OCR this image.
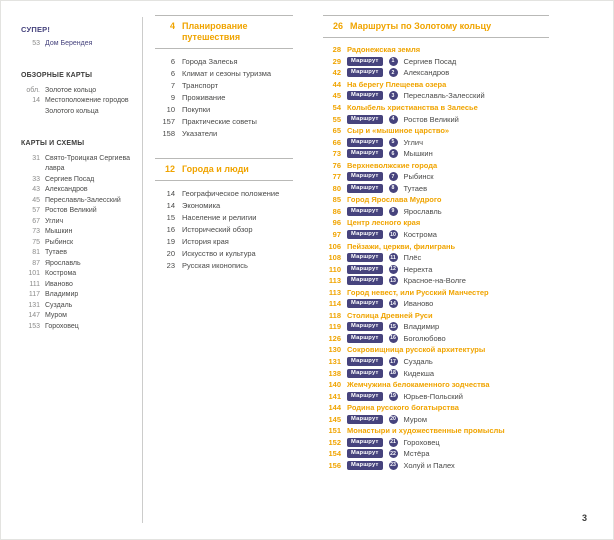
СУПЕР!
53 Дом Берендея
ОБЗОРНЫЕ КАРТЫ
обл. Золотое кольцо
14 Местоположение городов Золотого кольца
КАРТЫ И СХЕМЫ
31 Свято-Троицкая Сергиева лавра
33 Сергиев Посад
43 Александров
45 Переславль-Залесский
57 Ростов Великий
67 Углич
73 Мышкин
75 Рыбинск
81 Тутаев
87 Ярославль
101 Кострома
111 Иваново
117 Владимир
131 Суздаль
147 Муром
153 Гороховец
4 Планирование путешествия
6 Города Залесья
6 Климат и сезоны туризма
7 Транспорт
9 Проживание
10 Покупки
157 Практические советы
158 Указатели
12 Города и люди
14 Географическое положение
14 Экономика
15 Население и религии
16 Исторический обзор
19 История края
20 Искусство и культура
23 Русская иконопись
26 Маршруты по Золотому кольцу
28 Радонежская земля
29	Маршрут	1	Сергиев Посад
42	Маршрут	2	Александров
44 На берегу Плещеева озера
45	Маршрут	3	Переславль-Залесский
54 Колыбель христианства в Залесье
55	Маршрут	4	Ростов Великий
65 Сыр и «мышиное царство»
66	Маршрут	5	Углич
73	Маршрут	6	Мышкин
76 Верхневолжские города
77	Маршрут	7	Рыбинск
80	Маршрут	8	Тутаев
85 Город Ярослава Мудрого
86	Маршрут	9	Ярославль
96 Центр лесного края
97	Маршрут	10 Кострома
106 Пейзажи, церкви, филигрань
108	Маршрут	11 Плёс
110	Маршрут	12 Нерехта
113	Маршрут	13 Красное-на-Волге
113 Город невест, или Русский Манчестер
114	Маршрут	14 Иваново
118 Столица Древней Руси
119	Маршрут	15 Владимир
126	Маршрут	16 Боголюбово
130 Сокровищница русской архитектуры
131	Маршрут	17 Суздаль
138	Маршрут	18 Кидекша
140 Жемчужина белокаменного зодчества
141	Маршрут	19 Юрьев-Польский
144 Родина русского богатырства
145	Маршрут	20 Муром
151 Монастыри и художественные промыслы
152	Маршрут	21 Гороховец
154	Маршрут	22 Мстёра
156	Маршрут	23 Холуй и Палех
3
